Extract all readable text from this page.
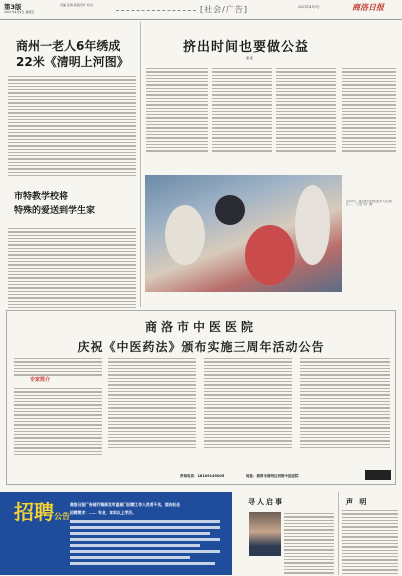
第3版
2021年4月9日 星期五
责编 张鸽 版面设计 校对	[社会/广告]	2021年4月9日	商洛日报
商州一老人6年绣成
22米《清明上河图》
挤出时间也要做公益
朋 彪
市特教学校将
特殊的爱送到学生家
3月23日，商洛市中医医院医护人员到社区…… （记者 刘广 摄）
商洛市中医医院
庆祝《中医药法》颁布实施三周年活动公告
专家简介
咨询电话：18109145005	地址：商洛市商州区西街中医医院
招聘公告
商洛日报广告部行销部及市直部门招聘工作人员若干名，面向社会
招聘要求：…… 专业，本科以上学历。
寻人启事	声 明
